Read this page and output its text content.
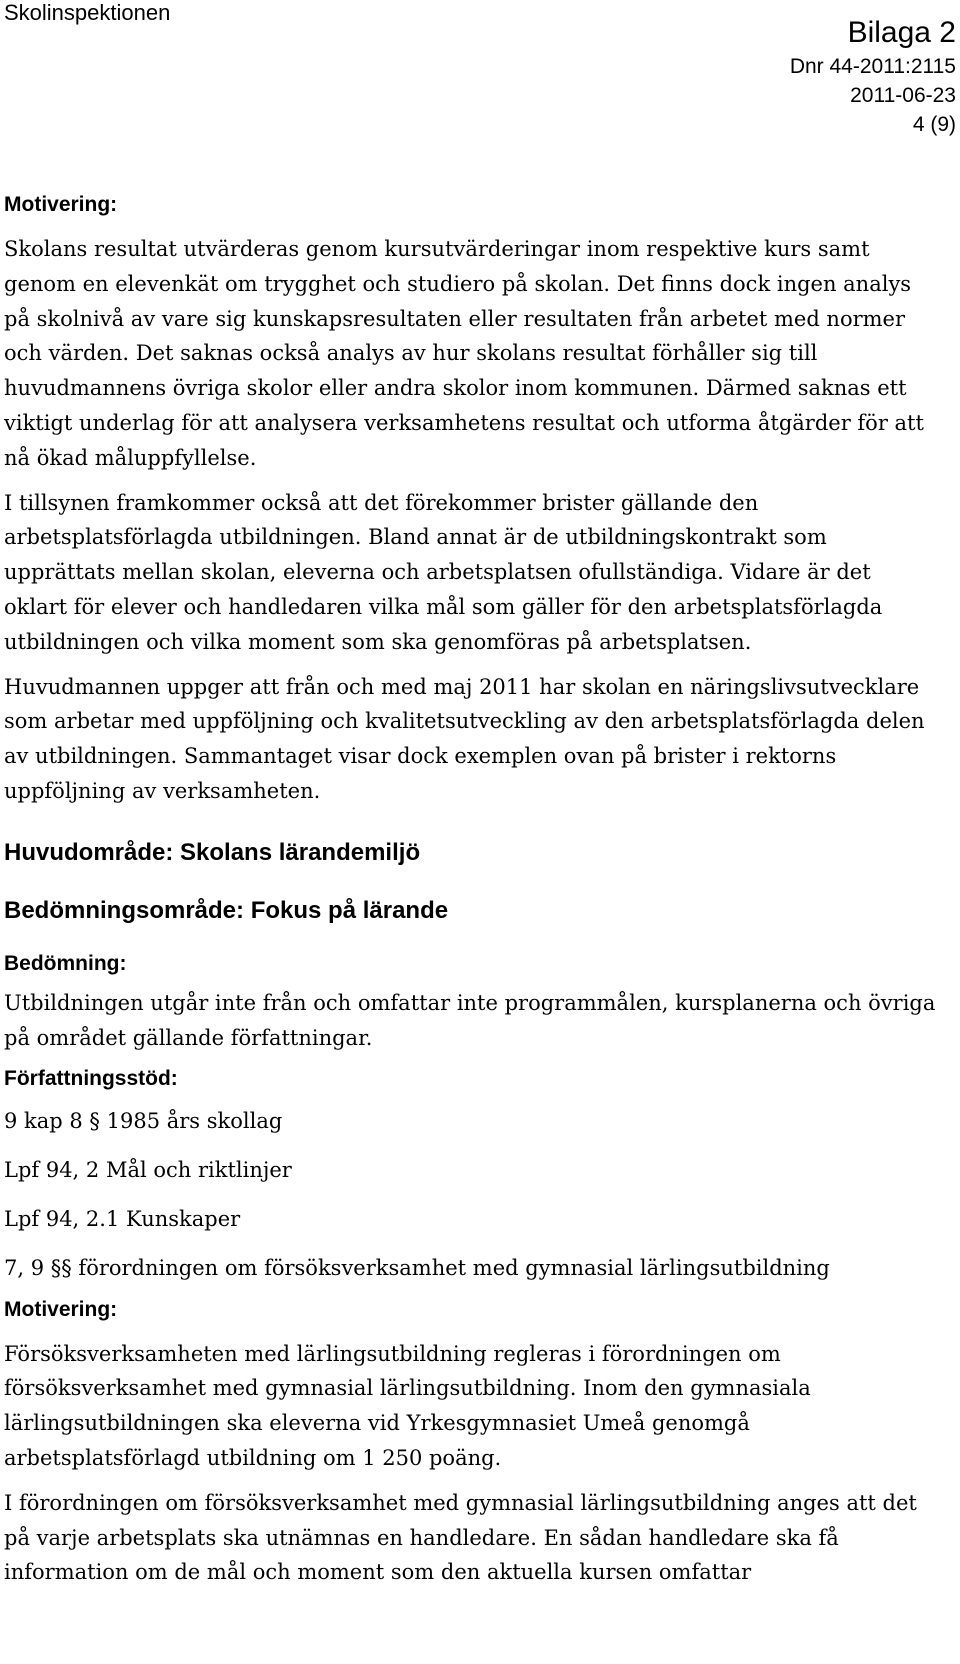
Skolinspektionen
Bilaga 2
Dnr 44-2011:2115
2011-06-23
4 (9)
Motivering:

Skolans resultat utvärderas genom kursutvärderingar inom respektive kurs samt genom en elevenkät om trygghet och studiero på skolan. Det finns dock ingen analys på skolnivå av vare sig kunskapsresultaten eller resultaten från arbetet med normer och värden. Det saknas också analys av hur skolans resultat förhåller sig till huvudmannens övriga skolor eller andra skolor inom kommunen. Därmed saknas ett viktigt underlag för att analysera verksamhetens resultat och utforma åtgärder för att nå ökad måluppfyllelse.

I tillsynen framkommer också att det förekommer brister gällande den arbetsplatsförlagda utbildningen. Bland annat är de utbildningskontrakt som upprättats mellan skolan, eleverna och arbetsplatsen ofullständiga. Vidare är det oklart för elever och handledaren vilka mål som gäller för den arbetsplatsförlagda utbildningen och vilka moment som ska genomföras på arbetsplatsen.

Huvudmannen uppger att från och med maj 2011 har skolan en näringslivsutvecklare som arbetar med uppföljning och kvalitetsutveckling av den arbetsplatsförlagda delen av utbildningen. Sammantaget visar dock exemplen ovan på brister i rektorns uppföljning av verksamheten.

Huvudområde: Skolans lärandemiljö
Bedömningsområde: Fokus på lärande
Bedömning:

Utbildningen utgår inte från och omfattar inte programmålen, kursplanerna och övriga på området gällande författningar.

Författningsstöd:

9 kap 8 § 1985 års skollag

Lpf 94, 2 Mål och riktlinjer

Lpf 94, 2.1 Kunskaper

7, 9 §§ förordningen om försöksverksamhet med gymnasial lärlingsutbildning

Motivering:

Försöksverksamheten med lärlingsutbildning regleras i förordningen om försöksverksamhet med gymnasial lärlingsutbildning. Inom den gymnasiala lärlingsutbildningen ska eleverna vid Yrkesgymnasiet Umeå genomgå arbetsplatsförlagd utbildning om 1 250 poäng.

I förordningen om försöksverksamhet med gymnasial lärlingsutbildning anges att det på varje arbetsplats ska utnämnas en handledare. En sådan handledare ska få information om de mål och moment som den aktuella kursen omfattar
